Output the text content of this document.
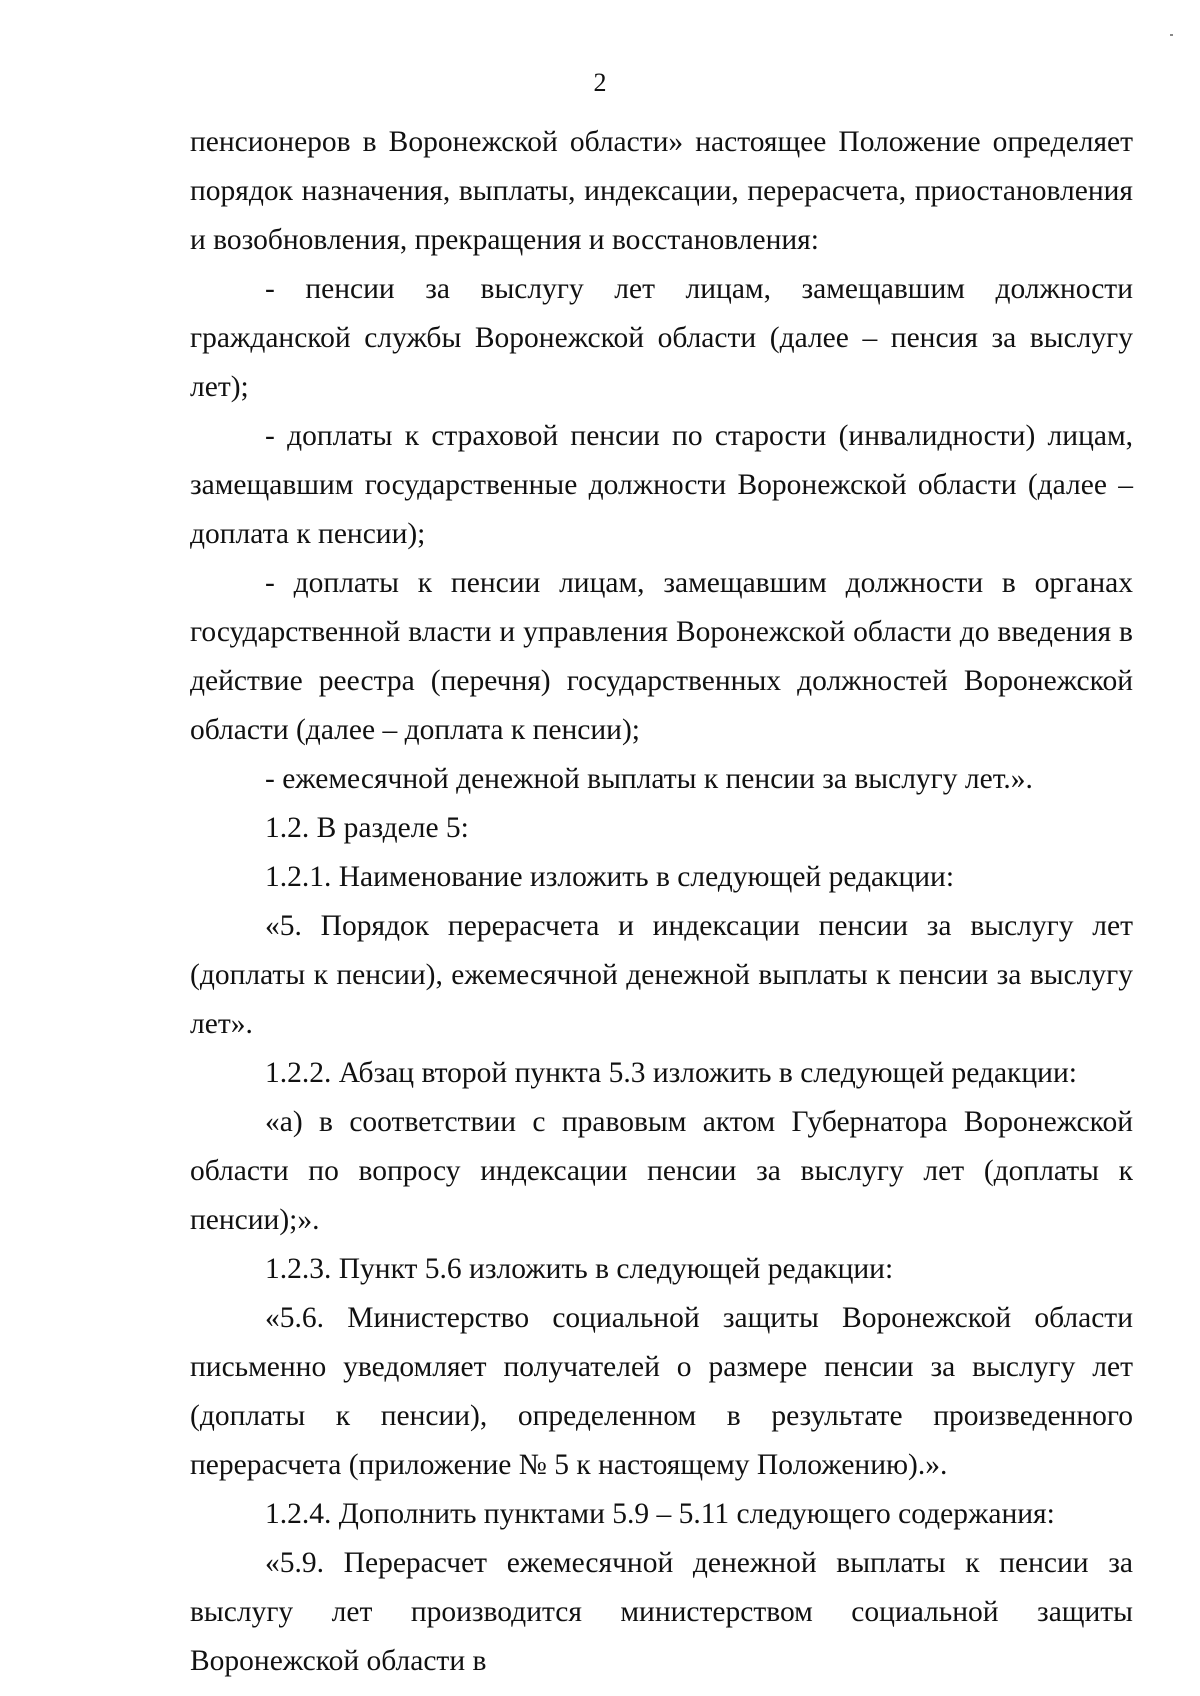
2

пенсионеров в Воронежской области» настоящее Положение определяет порядок назначения, выплаты, индексации, перерасчета, приостановления и возобновления, прекращения и восстановления:

- пенсии за выслугу лет лицам, замещавшим должности гражданской службы Воронежской области (далее – пенсия за выслугу лет);

- доплаты к страховой пенсии по старости (инвалидности) лицам, замещавшим государственные должности Воронежской области (далее – доплата к пенсии);

- доплаты к пенсии лицам, замещавшим должности в органах государственной власти и управления Воронежской области до введения в действие реестра (перечня) государственных должностей Воронежской области (далее – доплата к пенсии);

- ежемесячной денежной выплаты к пенсии за выслугу лет.».

1.2. В разделе 5:

1.2.1. Наименование изложить в следующей редакции:

«5. Порядок перерасчета и индексации пенсии за выслугу лет (доплаты к пенсии), ежемесячной денежной выплаты к пенсии за выслугу лет».

1.2.2. Абзац второй пункта 5.3 изложить в следующей редакции:

«а) в соответствии с правовым актом Губернатора Воронежской области по вопросу индексации пенсии за выслугу лет (доплаты к пенсии);».

1.2.3. Пункт 5.6 изложить в следующей редакции:

«5.6. Министерство социальной защиты Воронежской области письменно уведомляет получателей о размере пенсии за выслугу лет (доплаты к пенсии), определенном в результате произведенного перерасчета (приложение № 5 к настоящему Положению).».

1.2.4. Дополнить пунктами 5.9 – 5.11 следующего содержания:

«5.9. Перерасчет ежемесячной денежной выплаты к пенсии за выслугу лет производится министерством социальной защиты Воронежской области в
